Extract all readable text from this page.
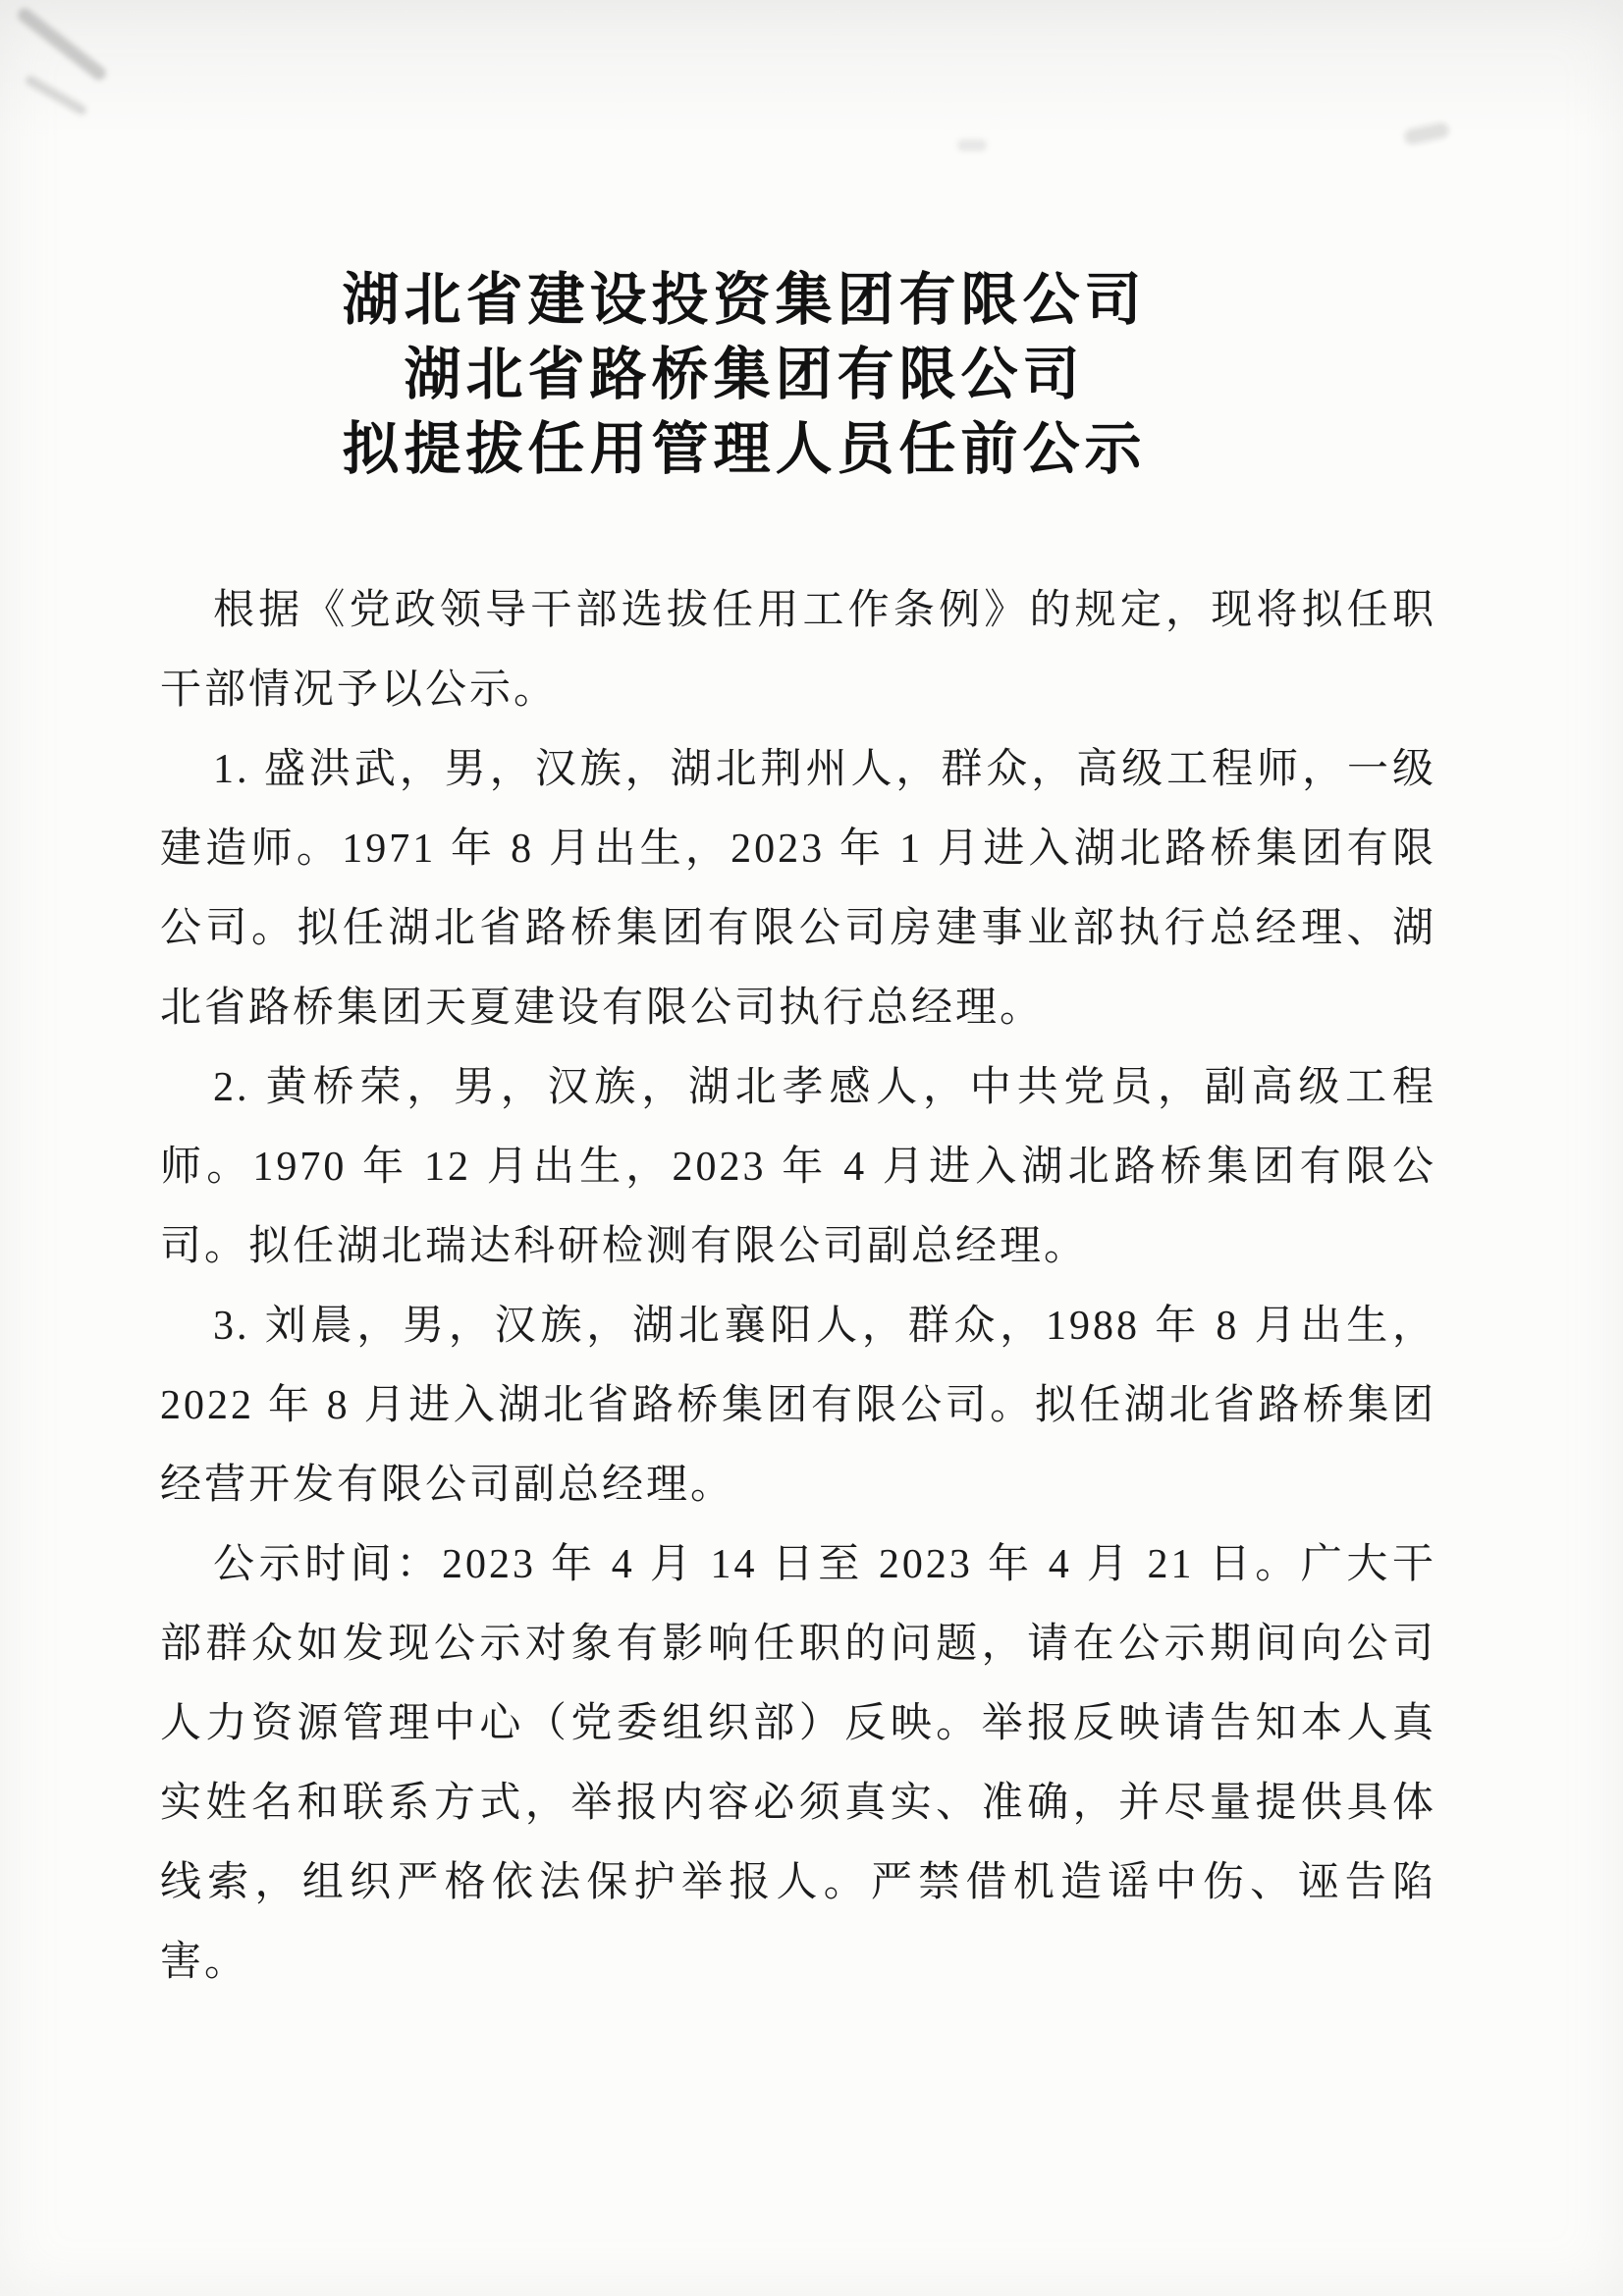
湖北省建设投资集团有限公司
湖北省路桥集团有限公司
拟提拔任用管理人员任前公示

根据《党政领导干部选拔任用工作条例》的规定，现将拟任职干部情况予以公示。

1. 盛洪武，男，汉族，湖北荆州人，群众，高级工程师，一级建造师。1971 年 8 月出生，2023 年 1 月进入湖北路桥集团有限公司。拟任湖北省路桥集团有限公司房建事业部执行总经理、湖北省路桥集团天夏建设有限公司执行总经理。

2. 黄桥荣，男，汉族，湖北孝感人，中共党员，副高级工程师。1970 年 12 月出生，2023 年 4 月进入湖北路桥集团有限公司。拟任湖北瑞达科研检测有限公司副总经理。

3. 刘晨，男，汉族，湖北襄阳人，群众，1988 年 8 月出生，2022 年 8 月进入湖北省路桥集团有限公司。拟任湖北省路桥集团经营开发有限公司副总经理。

公示时间：2023 年 4 月 14 日至 2023 年 4 月 21 日。广大干部群众如发现公示对象有影响任职的问题，请在公示期间向公司人力资源管理中心（党委组织部）反映。举报反映请告知本人真实姓名和联系方式，举报内容必须真实、准确，并尽量提供具体线索，组织严格依法保护举报人。严禁借机造谣中伤、诬告陷害。
